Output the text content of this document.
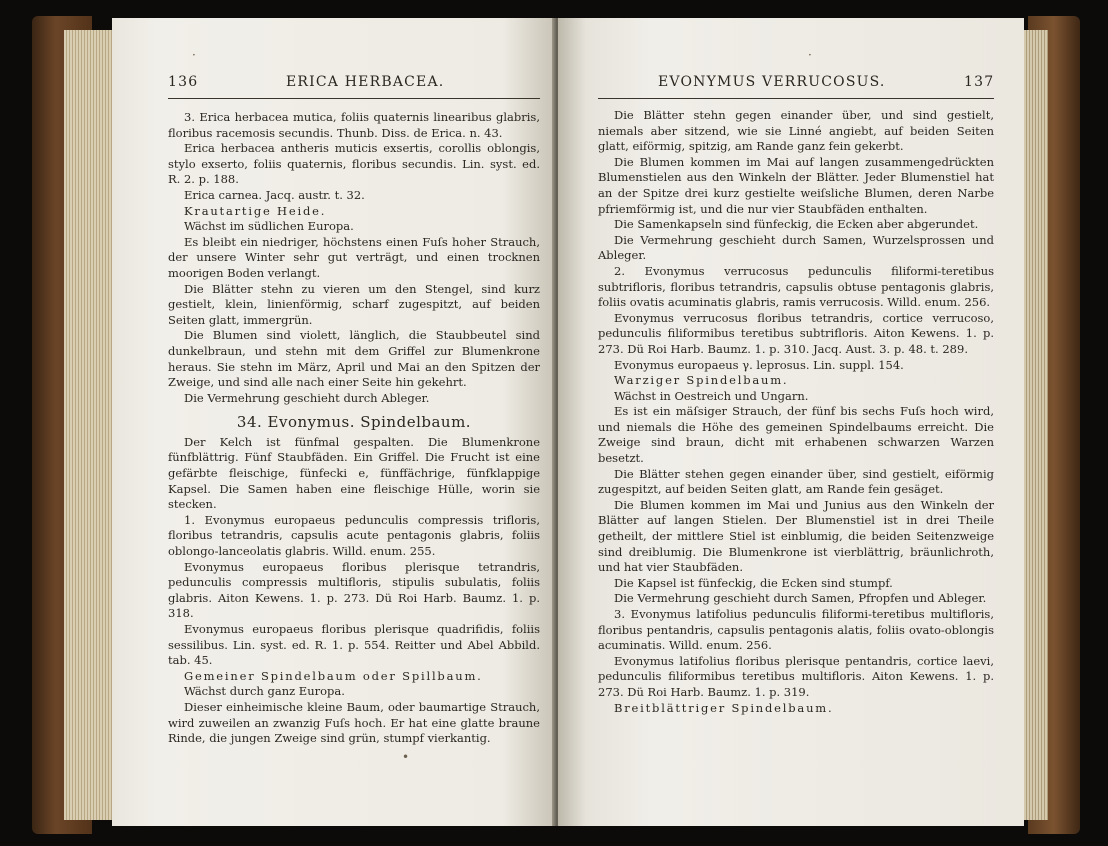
136	ERICA HERBACEA.
·

3. Erica herbacea mutica, foliis quaternis linearibus glabris, floribus racemosis secundis. Thunb. Diss. de Erica. n. 43.

Erica herbacea antheris muticis exsertis, corollis oblongis, stylo exserto, foliis quaternis, floribus secundis. Lin. syst. ed. R. 2. p. 188.

Erica carnea. Jacq. austr. t. 32.

Krautartige Heide.

Wächst im südlichen Europa.

Es bleibt ein niedriger, höchstens einen Fuſs hoher Strauch, der unsere Winter sehr gut verträgt, und einen trocknen moorigen Boden verlangt.

Die Blätter stehn zu vieren um den Stengel, sind kurz gestielt, klein, linienförmig, scharf zugespitzt, auf beiden Seiten glatt, immergrün.

Die Blumen sind violett, länglich, die Staubbeutel sind dunkelbraun, und stehn mit dem Griffel zur Blumenkrone heraus. Sie stehn im März, April und Mai an den Spitzen der Zweige, und sind alle nach einer Seite hin gekehrt.

Die Vermehrung geschieht durch Ableger.

34. Evonymus. Spindelbaum.

Der Kelch ist fünfmal gespalten. Die Blumenkrone fünfblättrig. Fünf Staubfäden. Ein Griffel. Die Frucht ist eine gefärbte fleischige, fünfecki e, fünffächrige, fünfklappige Kapsel. Die Samen haben eine fleischige Hülle, worin sie stecken.

1. Evonymus europaeus pedunculis compressis trifloris, floribus tetrandris, capsulis acute pentagonis glabris, foliis oblongo-lanceolatis glabris. Willd. enum. 255.

Evonymus europaeus floribus plerisque tetrandris, pedunculis compressis multifloris, stipulis subulatis, foliis glabris. Aiton Kewens. 1. p. 273. Dü Roi Harb. Baumz. 1. p. 318.

Evonymus europaeus floribus plerisque quadrifidis, foliis sessilibus. Lin. syst. ed. R. 1. p. 554. Reitter und Abel Abbild. tab. 45.

Gemeiner Spindelbaum oder Spillbaum.

Wächst durch ganz Europa.

Dieser einheimische kleine Baum, oder baumartige Strauch, wird zuweilen an zwanzig Fuſs hoch. Er hat eine glatte braune Rinde, die jungen Zweige sind grün, stumpf vierkantig.

•
EVONYMUS VERRUCOSUS.	137
·

Die Blätter stehn gegen einander über, und sind gestielt, niemals aber sitzend, wie sie Linné angiebt, auf beiden Seiten glatt, eiförmig, spitzig, am Rande ganz fein gekerbt.

Die Blumen kommen im Mai auf langen zusammengedrückten Blumenstielen aus den Winkeln der Blätter. Jeder Blumenstiel hat an der Spitze drei kurz gestielte weiſsliche Blumen, deren Narbe pfriemförmig ist, und die nur vier Staubfäden enthalten.

Die Samenkapseln sind fünfeckig, die Ecken aber abgerundet.

Die Vermehrung geschieht durch Samen, Wurzelsprossen und Ableger.

2. Evonymus verrucosus pedunculis filiformi-teretibus subtrifloris, floribus tetrandris, capsulis obtuse pentagonis glabris, foliis ovatis acuminatis glabris, ramis verrucosis. Willd. enum. 256.

Evonymus verrucosus floribus tetrandris, cortice verrucoso, pedunculis filiformibus teretibus subtrifloris. Aiton Kewens. 1. p. 273. Dü Roi Harb. Baumz. 1. p. 310. Jacq. Aust. 3. p. 48. t. 289.

Evonymus europaeus γ. leprosus. Lin. suppl. 154.

Warziger Spindelbaum.

Wächst in Oestreich und Ungarn.

Es ist ein mäſsiger Strauch, der fünf bis sechs Fuſs hoch wird, und niemals die Höhe des gemeinen Spindelbaums erreicht. Die Zweige sind braun, dicht mit erhabenen schwarzen Warzen besetzt.

Die Blätter stehen gegen einander über, sind gestielt, eiförmig zugespitzt, auf beiden Seiten glatt, am Rande fein gesäget.

Die Blumen kommen im Mai und Junius aus den Winkeln der Blätter auf langen Stielen. Der Blumenstiel ist in drei Theile getheilt, der mittlere Stiel ist einblumig, die beiden Seitenzweige sind dreiblumig. Die Blumenkrone ist vierblättrig, bräunlichroth, und hat vier Staubfäden.

Die Kapsel ist fünfeckig, die Ecken sind stumpf.

Die Vermehrung geschieht durch Samen, Pfropfen und Ableger.

3. Evonymus latifolius pedunculis filiformi-teretibus multifloris, floribus pentandris, capsulis pentagonis alatis, foliis ovato-oblongis acuminatis. Willd. enum. 256.

Evonymus latifolius floribus plerisque pentandris, cortice laevi, pedunculis filiformibus teretibus multifloris. Aiton Kewens. 1. p. 273. Dü Roi Harb. Baumz. 1. p. 319.

Breitblättriger Spindelbaum.
